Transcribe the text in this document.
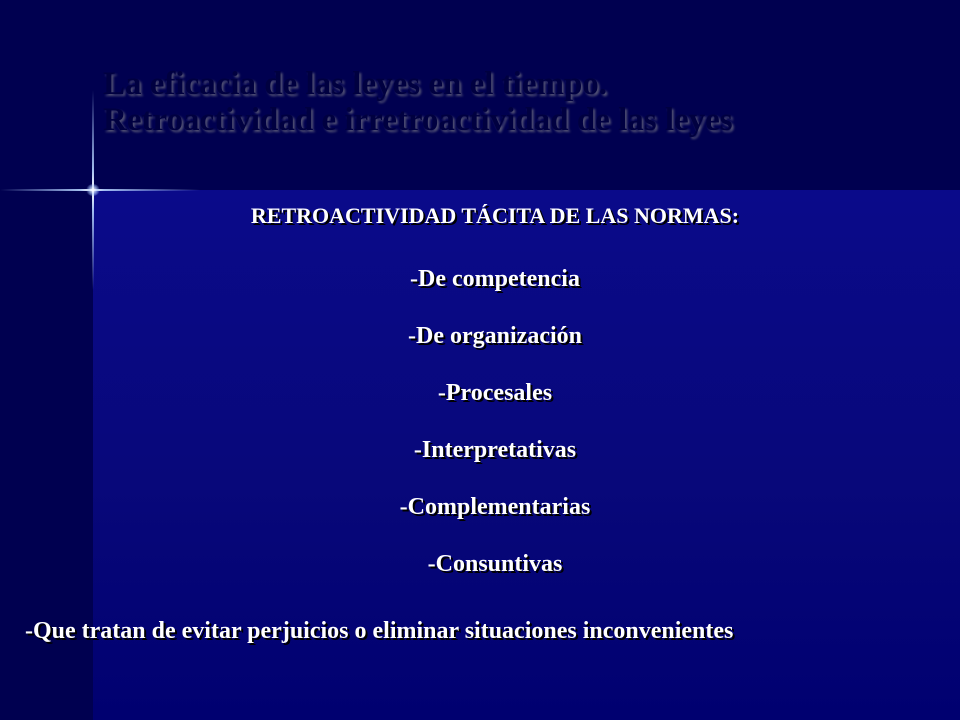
La eficacia de las leyes en el tiempo.
Retroactividad e irretroactividad de las leyes

RETROACTIVIDAD TÁCITA DE LAS NORMAS:

-De competencia
-De organización
-Procesales
-Interpretativas
-Complementarias
-Consuntivas

-Que tratan de evitar perjuicios o eliminar situaciones inconvenientes
